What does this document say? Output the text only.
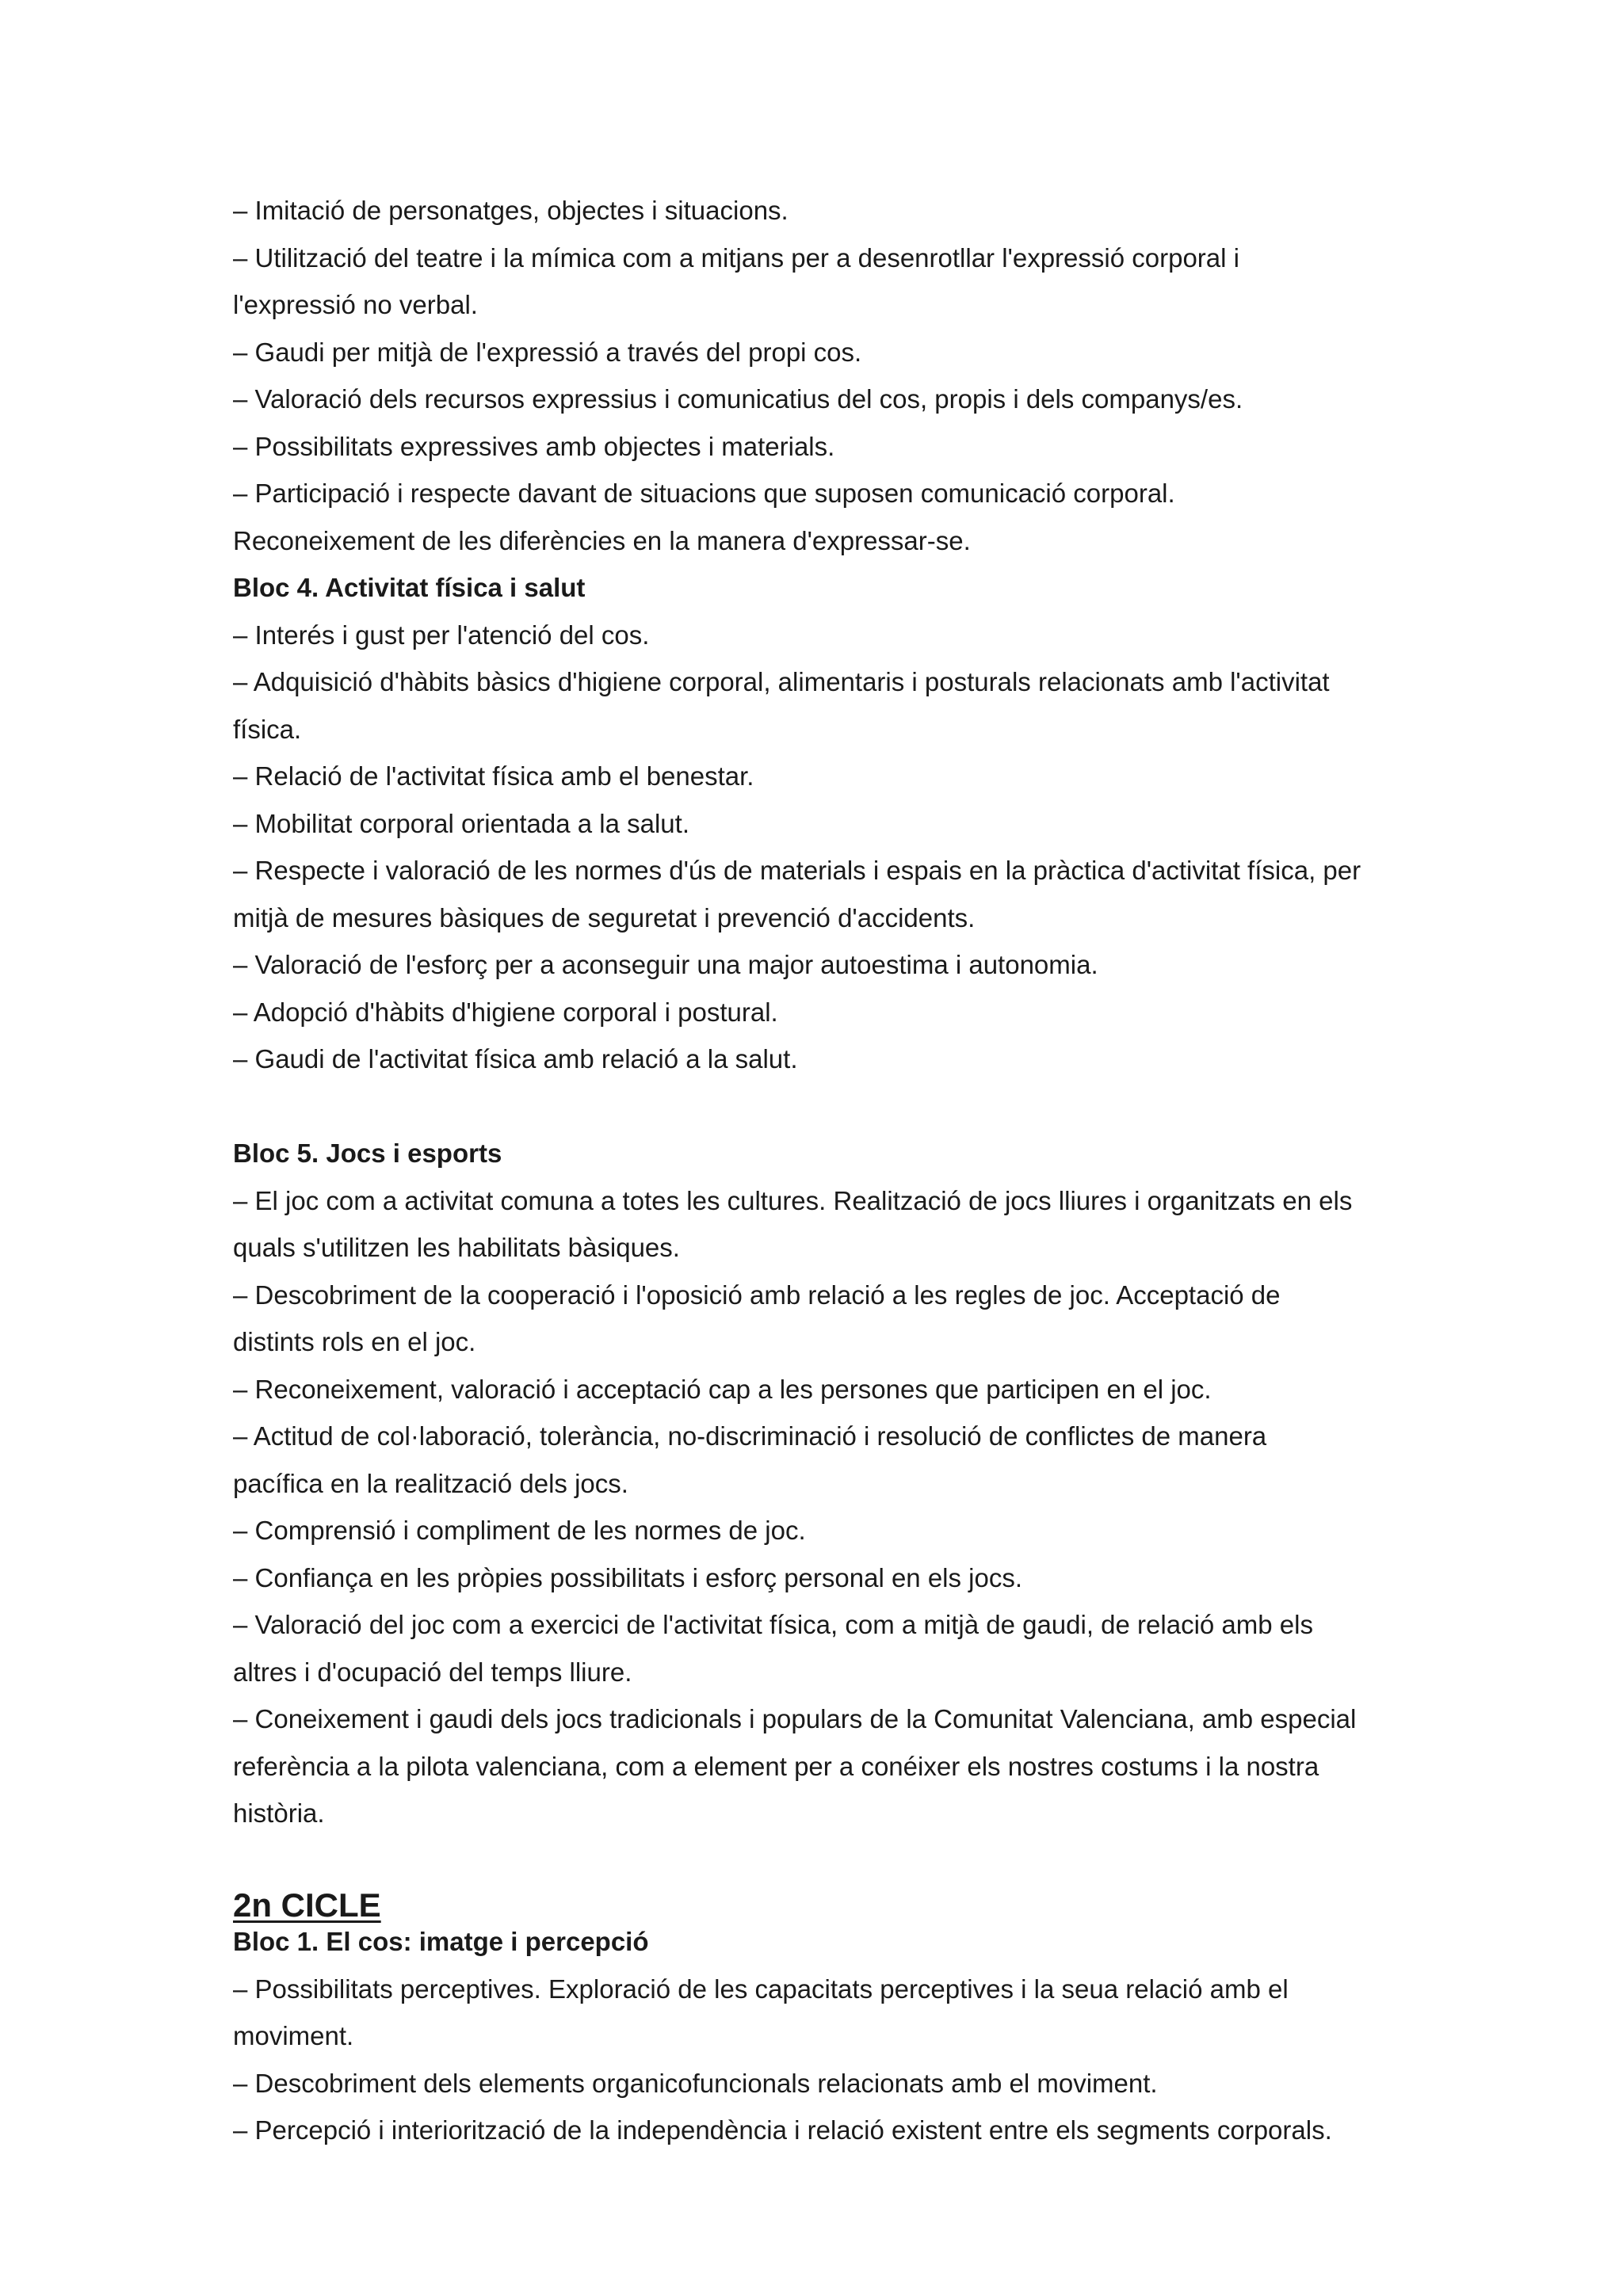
– Imitació de personatges, objectes i situacions.
– Utilització del teatre i la mímica com a mitjans per a desenrotllar l'expressió corporal i
l'expressió no verbal.
– Gaudi per mitjà de l'expressió a través del propi cos.
– Valoració dels recursos expressius i comunicatius del cos, propis i dels companys/es.
– Possibilitats expressives amb objectes i materials.
– Participació i respecte davant de situacions que suposen comunicació corporal.
Reconeixement de les diferències en la manera d'expressar-se.
Bloc 4. Activitat física i salut
– Interés i gust per l'atenció del cos.
– Adquisició d'hàbits bàsics d'higiene corporal, alimentaris i posturals relacionats amb l'activitat
física.
– Relació de l'activitat física amb el benestar.
– Mobilitat corporal orientada a la salut.
– Respecte i valoració de les normes d'ús de materials i espais en la pràctica d'activitat física, per
mitjà de mesures bàsiques de seguretat i prevenció d'accidents.
– Valoració de l'esforç per a aconseguir una major autoestima i autonomia.
– Adopció d'hàbits d'higiene corporal i postural.
– Gaudi de l'activitat física amb relació a la salut.
Bloc 5. Jocs i esports
– El joc com a activitat comuna a totes les cultures. Realització de jocs lliures i organitzats en els
quals s'utilitzen les habilitats bàsiques.
– Descobriment de la cooperació i l'oposició amb relació a les regles de joc. Acceptació de
distints rols en el joc.
– Reconeixement, valoració i acceptació cap a les persones que participen en el joc.
– Actitud de col·laboració, tolerància, no-discriminació i resolució de conflictes de manera
pacífica en la realització dels jocs.
– Comprensió i compliment de les normes de joc.
– Confiança en les pròpies possibilitats i esforç personal en els jocs.
– Valoració del joc com a exercici de l'activitat física, com a mitjà de gaudi, de relació amb els
altres i d'ocupació del temps lliure.
– Coneixement i gaudi dels jocs tradicionals i populars de la Comunitat Valenciana, amb especial
referència a la pilota valenciana, com a element per a conéixer els nostres costums i la nostra
història.
2n CICLE
Bloc 1. El cos: imatge i percepció
– Possibilitats perceptives. Exploració de les capacitats perceptives i la seua relació amb el
moviment.
– Descobriment dels elements organicofuncionals relacionats amb el moviment.
– Percepció i interiorització de la independència i relació existent entre els segments corporals.
